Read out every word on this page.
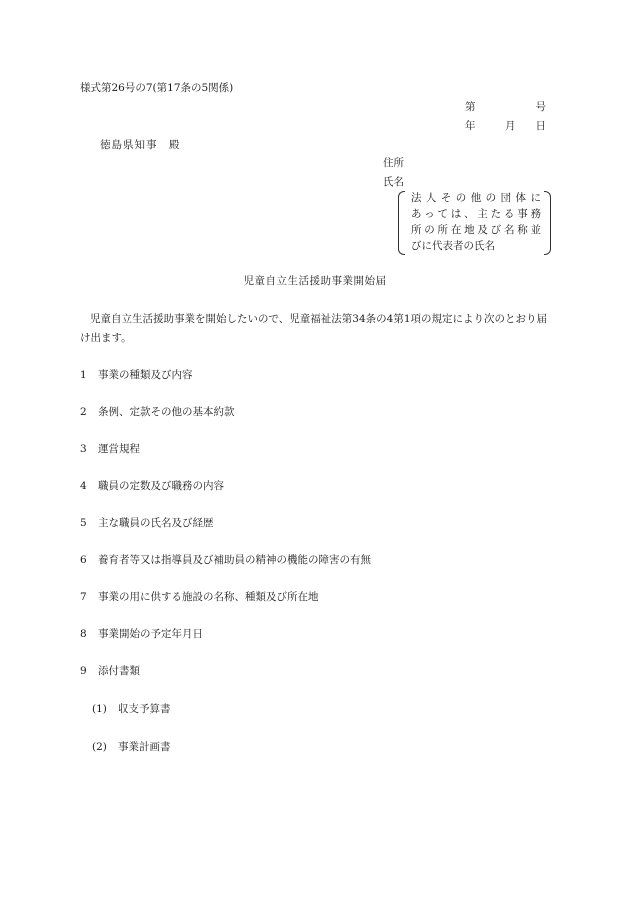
様式第26号の7(第17条の5関係)
第	号
年	月 日
徳島県知事　殿
住所
氏名
法人その他の団体に
あっては、主たる事務
所の所在地及び名称並
びに代表者の氏名
児童自立生活援助事業開始届
児童自立生活援助事業を開始したいので、児童福祉法第34条の4第1項の規定により次のとおり届け出ます。
1 事業の種類及び内容
2 条例、定款その他の基本約款
3 運営規程
4 職員の定数及び職務の内容
5 主な職員の氏名及び経歴
6 養育者等又は指導員及び補助員の精神の機能の障害の有無
7 事業の用に供する施設の名称、種類及び所在地
8 事業開始の予定年月日
9 添付書類
(1) 収支予算書
(2) 事業計画書
